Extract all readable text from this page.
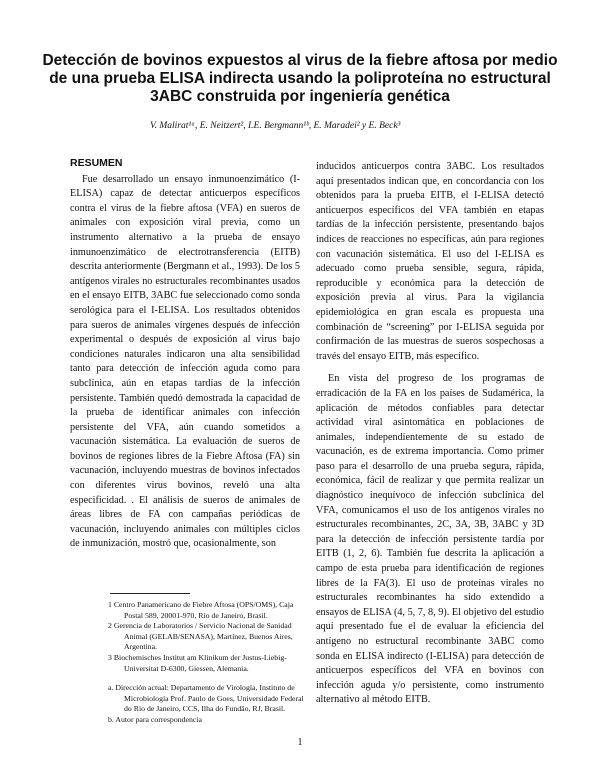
Detección de bovinos expuestos al virus de la fiebre aftosa por medio de una prueba ELISA indirecta usando la poliproteína no estructural 3ABC construida por ingeniería genética
V. Malirat¹ᵃ, E. Neitzert², I.E. Bergmann¹ᵇ, E. Maradei² y E. Beck³
RESUMEN

Fue desarrollado un ensayo inmunoenzimático (I-ELISA) capaz de detectar anticuerpos específicos contra el virus de la fiebre aftosa (VFA) en sueros de animales con exposición viral previa, como un instrumento alternativo a la prueba de ensayo inmunoenzimático de electrotransferencia (EITB) descrita anteriormente (Bergmann et al., 1993). De los 5 antígenos virales no estructurales recombinantes usados en el ensayo EITB, 3ABC fue seleccionado como sonda serológica para el I-ELISA. Los resultados obtenidos para sueros de animales vírgenes después de infección experimental o después de exposición al virus bajo condiciones naturales indicaron una alta sensibilidad tanto para detección de infección aguda como para subclínica, aún en etapas tardías de la infección persistente. También quedó demostrada la capacidad de la prueba de identificar animales con infección persistente del VFA, aún cuando sometidos a vacunación sistemática. La evaluación de sueros de bovinos de regiones libres de la Fiebre Aftosa (FA) sin vacunación, incluyendo muestras de bovinos infectados con diferentes virus bovinos, reveló una alta especificidad. . El análisis de sueros de animales de áreas libres de FA con campañas periódicas de vacunación, incluyendo animales con múltiples ciclos de inmunización, mostró que, ocasionalmente, son

inducidos anticuerpos contra 3ABC. Los resultados aquí presentados indican que, en concordancia con los obtenidos para la prueba EITB, el I-ELISA detectó anticuerpos específicos del VFA también en etapas tardías de la infección persistente, presentando bajos índices de reacciones no específicas, aún para regiones con vacunación sistemática. El uso del I-ELISA es adecuado como prueba sensible, segura, rápida, reproducible y económica para la detección de exposición previa al virus. Para la vigilancia epidemiológica en gran escala es propuesta una combinación de “screening” por I-ELISA seguida por confirmación de las muestras de sueros sospechosas a través del ensayo EITB, más específico.

En vista del progreso de los programas de erradicación de la FA en los países de Sudamérica, la aplicación de métodos confiables para detectar actividad viral asintomática en poblaciones de animales, independientemente de su estado de vacunación, es de extrema importancia. Como primer paso para el desarrollo de una prueba segura, rápida, económica, fácil de realizar y que permita realizar un diagnóstico inequívoco de infección subclínica del VFA, comunicamos el uso de los antígenos virales no estructurales recombinantes, 2C, 3A, 3B, 3ABC y 3D para la detección de infección persistente tardía por EITB (1, 2, 6). También fue descrita la aplicación a campo de esta prueba para identificación de regiones libres de la FA(3). El uso de proteínas virales no estructurales recombinantes ha sido extendido a ensayos de ELISA (4, 5, 7, 8, 9). El objetivo del estudio aquí presentado fue el de evaluar la eficiencia del antígeno no estructural recombinante 3ABC como sonda en ELISA indirecto (I-ELISA) para detección de anticuerpos específicos del VFA en bovinos con infección aguda y/o persistente, como instrumento alternativo al método EITB.

1 Centro Panamericano de Fiebre Aftosa (OPS/OMS), Caja Postal 589, 20001-970, Río de Janeiro, Brasil.

2 Gerencia de Laboratorios / Servicio Nacional de Sanidad Animal (GELAB/SENASA), Martínez, Buenos Aires, Argentina.

3 Biochemisches Institut am Klinikum der Justus-Liebig-Universitat D-6300, Giessen, Alemania.

a. Dirección actual: Departamento de Virología, Instituto de Microbiología Prof. Paulo de Goes, Universidade Federal do Rio de Janeiro, CCS, Ilha do Fundão, RJ, Brasil.

b. Autor para correspondencia

1
